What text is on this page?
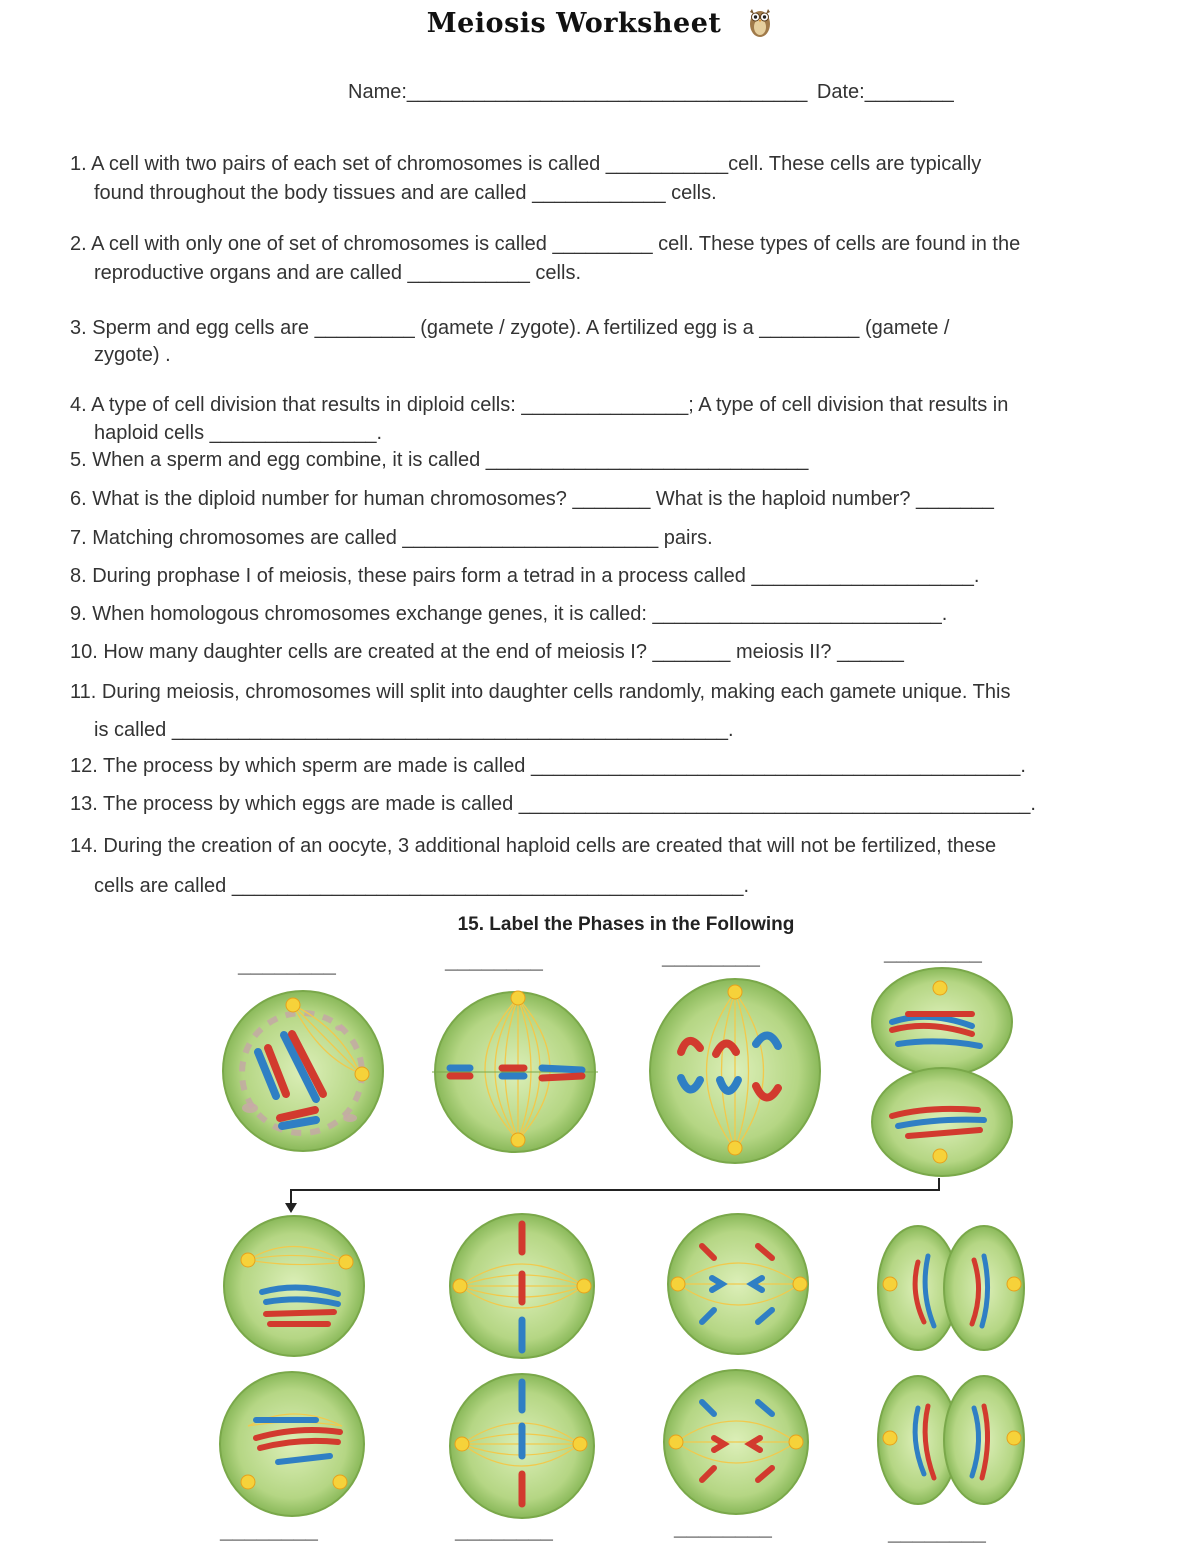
Meiosis Worksheet
Name:____________________________________ Date:________
1. A cell with two pairs of each set of chromosomes is called ___________cell. These cells are typically
found throughout the body tissues and are called ____________ cells.
2. A cell with only one of set of chromosomes is called _________ cell. These types of cells are found in the
reproductive organs and are called ___________ cells.
3. Sperm and egg cells are _________ (gamete / zygote). A fertilized egg is a _________ (gamete /
zygote) .
4. A type of cell division that results in diploid cells: _______________; A type of cell division that results in
haploid cells _______________.
5. When a sperm and egg combine, it is called _____________________________
6. What is the diploid number for human chromosomes? _______ What is the haploid number? _______
7. Matching chromosomes are called _______________________ pairs.
8. During prophase I of meiosis, these pairs form a tetrad in a process called ____________________.
9. When homologous chromosomes exchange genes, it is called: __________________________.
10. How many daughter cells are created at the end of meiosis I? _______ meiosis II? ______
11. During meiosis, chromosomes will split into daughter cells randomly, making each gamete unique. This
is called __________________________________________________.
12. The process by which sperm are made is called ____________________________________________.
13. The process by which eggs are made is called ______________________________________________.
14. During the creation of an oocyte, 3 additional haploid cells are created that will not be fertilized, these
cells are called ______________________________________________.
15. Label the Phases in the Following
________	________	________	________
________	________	________	________
